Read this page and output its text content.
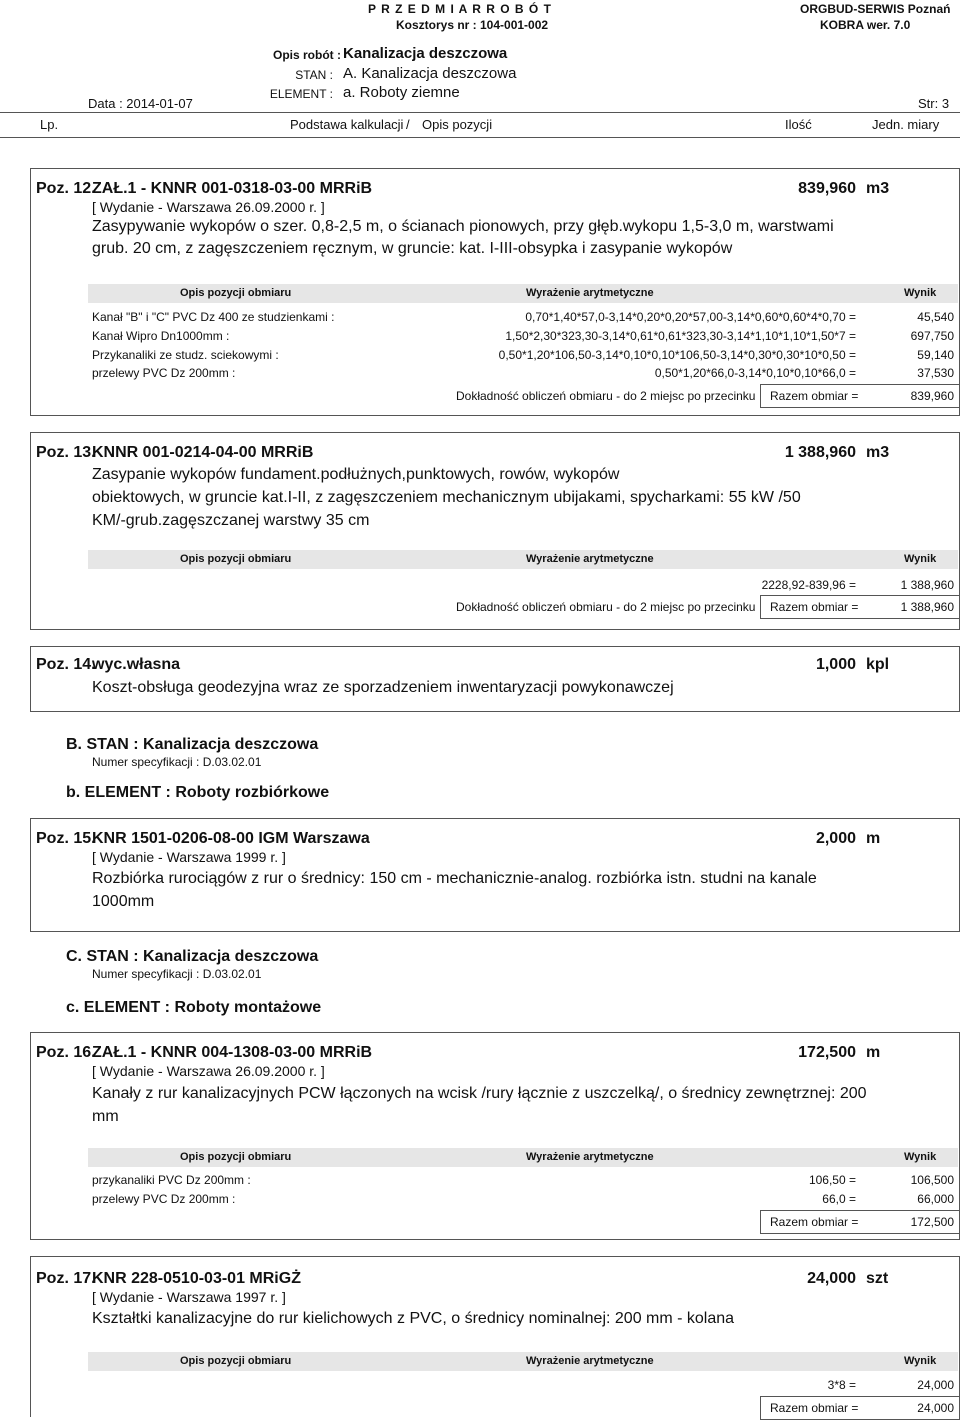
P R Z E D M I A R R O B Ó T
Kosztorys nr : 104-001-002
ORGBUD-SERWIS Poznań
KOBRA wer. 7.0
Opis robót : Kanalizacja deszczowa
STAN : A. Kanalizacja deszczowa
ELEMENT : a. Roboty ziemne
Data : 2014-01-07	Str: 3
Lp.	Podstawa kalkulacji / Opis pozycji	Ilość	Jedn. miary
Poz. 12.
ZAŁ.1 - KNNR 001-0318-03-00 MRRiB	839,960 m3
[ Wydanie - Warszawa 26.09.2000 r. ]
Zasypywanie wykopów o szer. 0,8-2,5 m, o ścianach pionowych, przy głęb.wykopu 1,5-3,0 m, warstwami
grub. 20 cm, z zagęszczeniem ręcznym, w gruncie: kat. I-III-obsypka i zasypanie wykopów
Opis pozycji obmiaru	Wyrażenie arytmetyczne	Wynik
Kanał "B" i "C" PVC Dz 400 ze studzienkami :	0,70*1,40*57,0-3,14*0,20*0,20*57,00-3,14*0,60*0,60*4*0,70 =	45,540
Kanał Wipro Dn1000mm :	1,50*2,30*323,30-3,14*0,61*0,61*323,30-3,14*1,10*1,10*1,50*7 =	697,750
Przykanaliki ze studz. sciekowymi :	0,50*1,20*106,50-3,14*0,10*0,10*106,50-3,14*0,30*0,30*10*0,50 =	59,140
przelewy PVC Dz 200mm :	0,50*1,20*66,0-3,14*0,10*0,10*66,0 =	37,530
Dokładność obliczeń obmiaru - do 2 miejsc po przecinku Razem obmiar =	839,960
Poz. 13.
KNNR 001-0214-04-00 MRRiB	1 388,960 m3
Zasypanie wykopów fundament.podłużnych,punktowych, rowów, wykopów
obiektowych, w gruncie kat.I-II, z zagęszczeniem mechanicznym ubijakami, spycharkami: 55 kW /50
KM/-grub.zagęszczanej warstwy 35 cm
Opis pozycji obmiaru	Wyrażenie arytmetyczne	Wynik
2228,92-839,96 =	1 388,960
Dokładność obliczeń obmiaru - do 2 miejsc po przecinku Razem obmiar =	1 388,960
Poz. 14.
wyc.własna	1,000 kpl
Koszt-obsługa geodezyjna wraz ze sporzadzeniem inwentaryzacji powykonawczej
B. STAN : Kanalizacja deszczowa
Numer specyfikacji : D.03.02.01
b. ELEMENT : Roboty rozbiórkowe
Poz. 15.
KNR 1501-0206-08-00 IGM Warszawa	2,000 m
[ Wydanie - Warszawa 1999 r. ]
Rozbiórka rurociągów z rur o średnicy: 150 cm - mechanicznie-analog. rozbiórka istn. studni na kanale
1000mm
C. STAN : Kanalizacja deszczowa
Numer specyfikacji : D.03.02.01
c. ELEMENT : Roboty montażowe
Poz. 16.
ZAŁ.1 - KNNR 004-1308-03-00 MRRiB	172,500 m
[ Wydanie - Warszawa 26.09.2000 r. ]
Kanały z rur kanalizacyjnych PCW łączonych na wcisk /rury łącznie z uszczelką/, o średnicy zewnętrznej: 200
mm
Opis pozycji obmiaru	Wyrażenie arytmetyczne	Wynik
przykanaliki PVC Dz 200mm :	106,50 =	106,500
przelewy PVC Dz 200mm :	66,0 =	66,000
Razem obmiar =	172,500
Poz. 17.
KNR 228-0510-03-01 MRiGŻ	24,000 szt
[ Wydanie - Warszawa 1997 r. ]
Kształtki kanalizacyjne do rur kielichowych z PVC, o średnicy nominalnej: 200 mm - kolana
Opis pozycji obmiaru	Wyrażenie arytmetyczne	Wynik
3*8 =	24,000
Razem obmiar =	24,000
